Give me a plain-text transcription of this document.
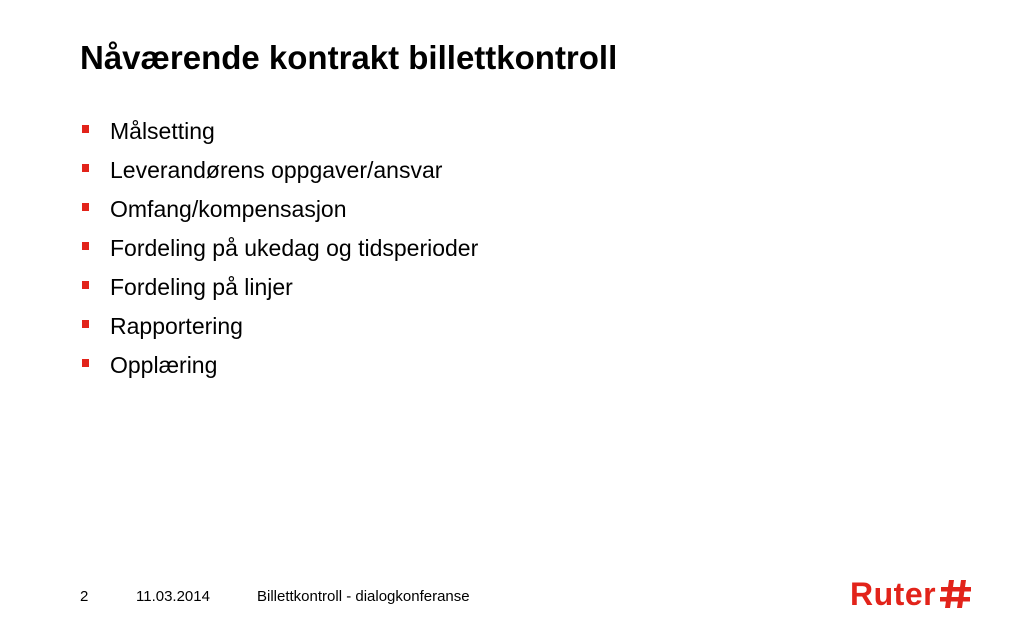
Nåværende kontrakt billettkontroll
Målsetting
Leverandørens oppgaver/ansvar
Omfang/kompensasjon
Fordeling på ukedag og tidsperioder
Fordeling på linjer
Rapportering
Opplæring
2	11.03.2014	Billettkontroll - dialogkonferanse	Ruter
